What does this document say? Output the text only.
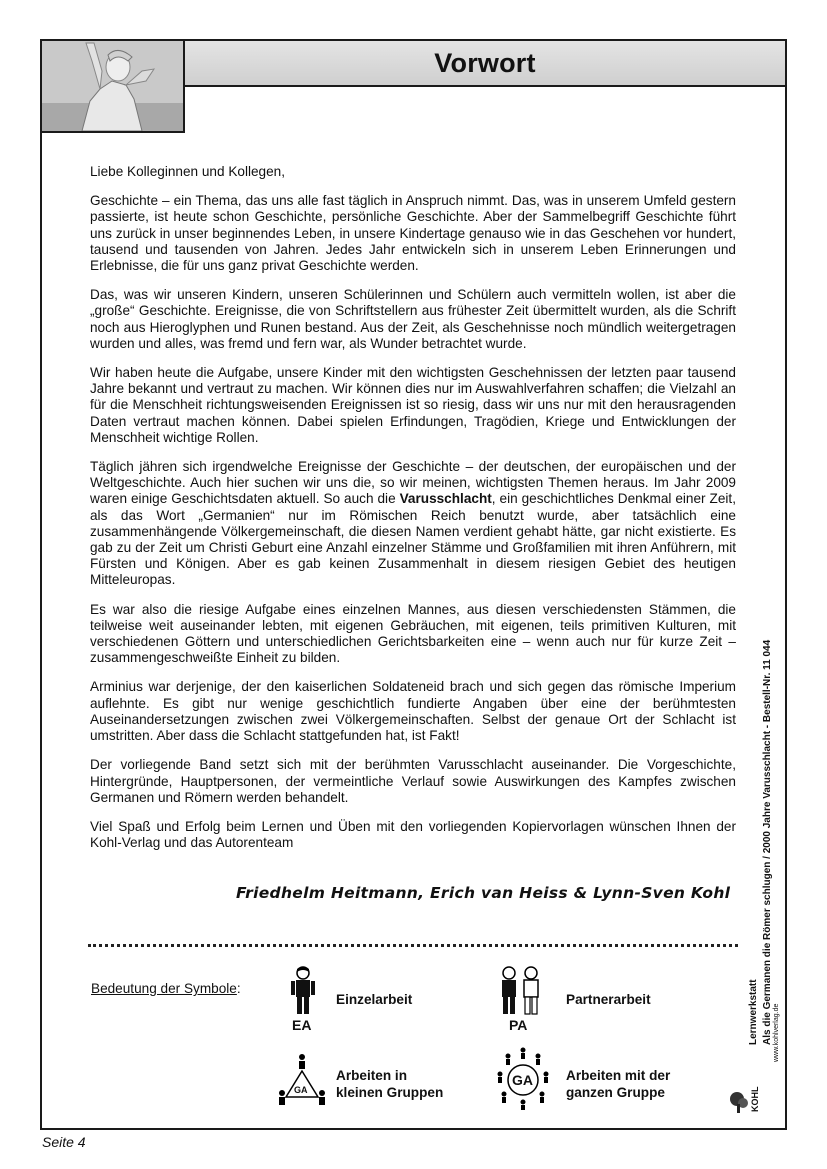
Vorwort

Liebe Kolleginnen und Kollegen,

Geschichte – ein Thema, das uns alle fast täglich in Anspruch nimmt. Das, was in unserem Umfeld gestern passierte, ist heute schon Geschichte, persönliche Geschichte. Aber der Sammelbegriff Geschichte führt uns zurück in unser beginnendes Leben, in unsere Kindertage genauso wie in das Geschehen vor hundert, tausend und tausenden von Jahren. Jedes Jahr entwickeln sich in unserem Leben Erinnerungen und Erlebnisse, die für uns ganz privat Geschichte werden.

Das, was wir unseren Kindern, unseren Schülerinnen und Schülern auch vermitteln wollen, ist aber die „große“ Geschichte. Ereignisse, die von Schriftstellern aus frühester Zeit übermittelt wurden, als die Schrift noch aus Hieroglyphen und Runen bestand. Aus der Zeit, als Geschehnisse noch mündlich weitergetragen wurden und alles, was fremd und fern war, als Wunder betrachtet wurde.

Wir haben heute die Aufgabe, unsere Kinder mit den wichtigsten Geschehnissen der letzten paar tausend Jahre bekannt und vertraut zu machen. Wir können dies nur im Auswahlverfahren schaffen; die Vielzahl an für die Menschheit richtungsweisenden Ereignissen ist so riesig, dass wir uns nur mit den herausragenden Daten vertraut machen können. Dabei spielen Erfindungen, Tragödien, Kriege und Entwicklungen der Menschheit wichtige Rollen.

Täglich jähren sich irgendwelche Ereignisse der Geschichte – der deutschen, der europäischen und der Weltgeschichte. Auch hier suchen wir uns die, so wir meinen, wichtigsten Themen heraus. Im Jahr 2009 waren einige Geschichtsdaten aktuell. So auch die Varusschlacht, ein geschichtliches Denkmal einer Zeit, als das Wort „Germanien“ nur im Römischen Reich benutzt wurde, aber tatsächlich eine zusammenhängende Völkergemeinschaft, die diesen Namen verdient gehabt hätte, gar nicht existierte. Es gab zu der Zeit um Christi Geburt eine Anzahl einzelner Stämme und Großfamilien mit ihren Anführern, mit Fürsten und Königen. Aber es gab keinen Zusammenhalt in diesem riesigen Gebiet des heutigen Mitteleuropas.

Es war also die riesige Aufgabe eines einzelnen Mannes, aus diesen verschiedensten Stämmen, die teilweise weit auseinander lebten, mit eigenen Gebräuchen, mit eigenen, teils primitiven Kulturen, mit verschiedenen Göttern und unterschiedlichen Gerichtsbarkeiten eine – wenn auch nur für kurze Zeit – zusammengeschweißte Einheit zu bilden.

Arminius war derjenige, der den kaiserlichen Soldateneid brach und sich gegen das römische Imperium auflehnte. Es gibt nur wenige geschichtlich fundierte Angaben über eine der berühmtesten Auseinandersetzungen zwischen zwei Völkergemeinschaften. Selbst der genaue Ort der Schlacht ist umstritten. Aber dass die Schlacht stattgefunden hat, ist Fakt!

Der vorliegende Band setzt sich mit der berühmten Varusschlacht auseinander. Die Vorgeschichte, Hintergründe, Hauptpersonen, der vermeintliche Verlauf sowie Auswirkungen des Kampfes zwischen Germanen und Römern werden behandelt.

Viel Spaß und Erfolg beim Lernen und Üben mit den vorliegenden Kopiervorlagen wünschen Ihnen der Kohl-Verlag und das Autorenteam

Friedhelm Heitmann, Erich van Heiss & Lynn-Sven Kohl
Bedeutung der Symbole:
EA
Einzelarbeit
PA
Partnerarbeit
GA
Arbeiten in
kleinen Gruppen
GA Arbeiten mit der
ganzen Gruppe
Lernwerkstatt Als die Germanen die Römer schlugen / 2000 Jahre Varusschlacht - Bestell-Nr. 11 044 www.kohlverlag.de
KOHL
Seite 4
